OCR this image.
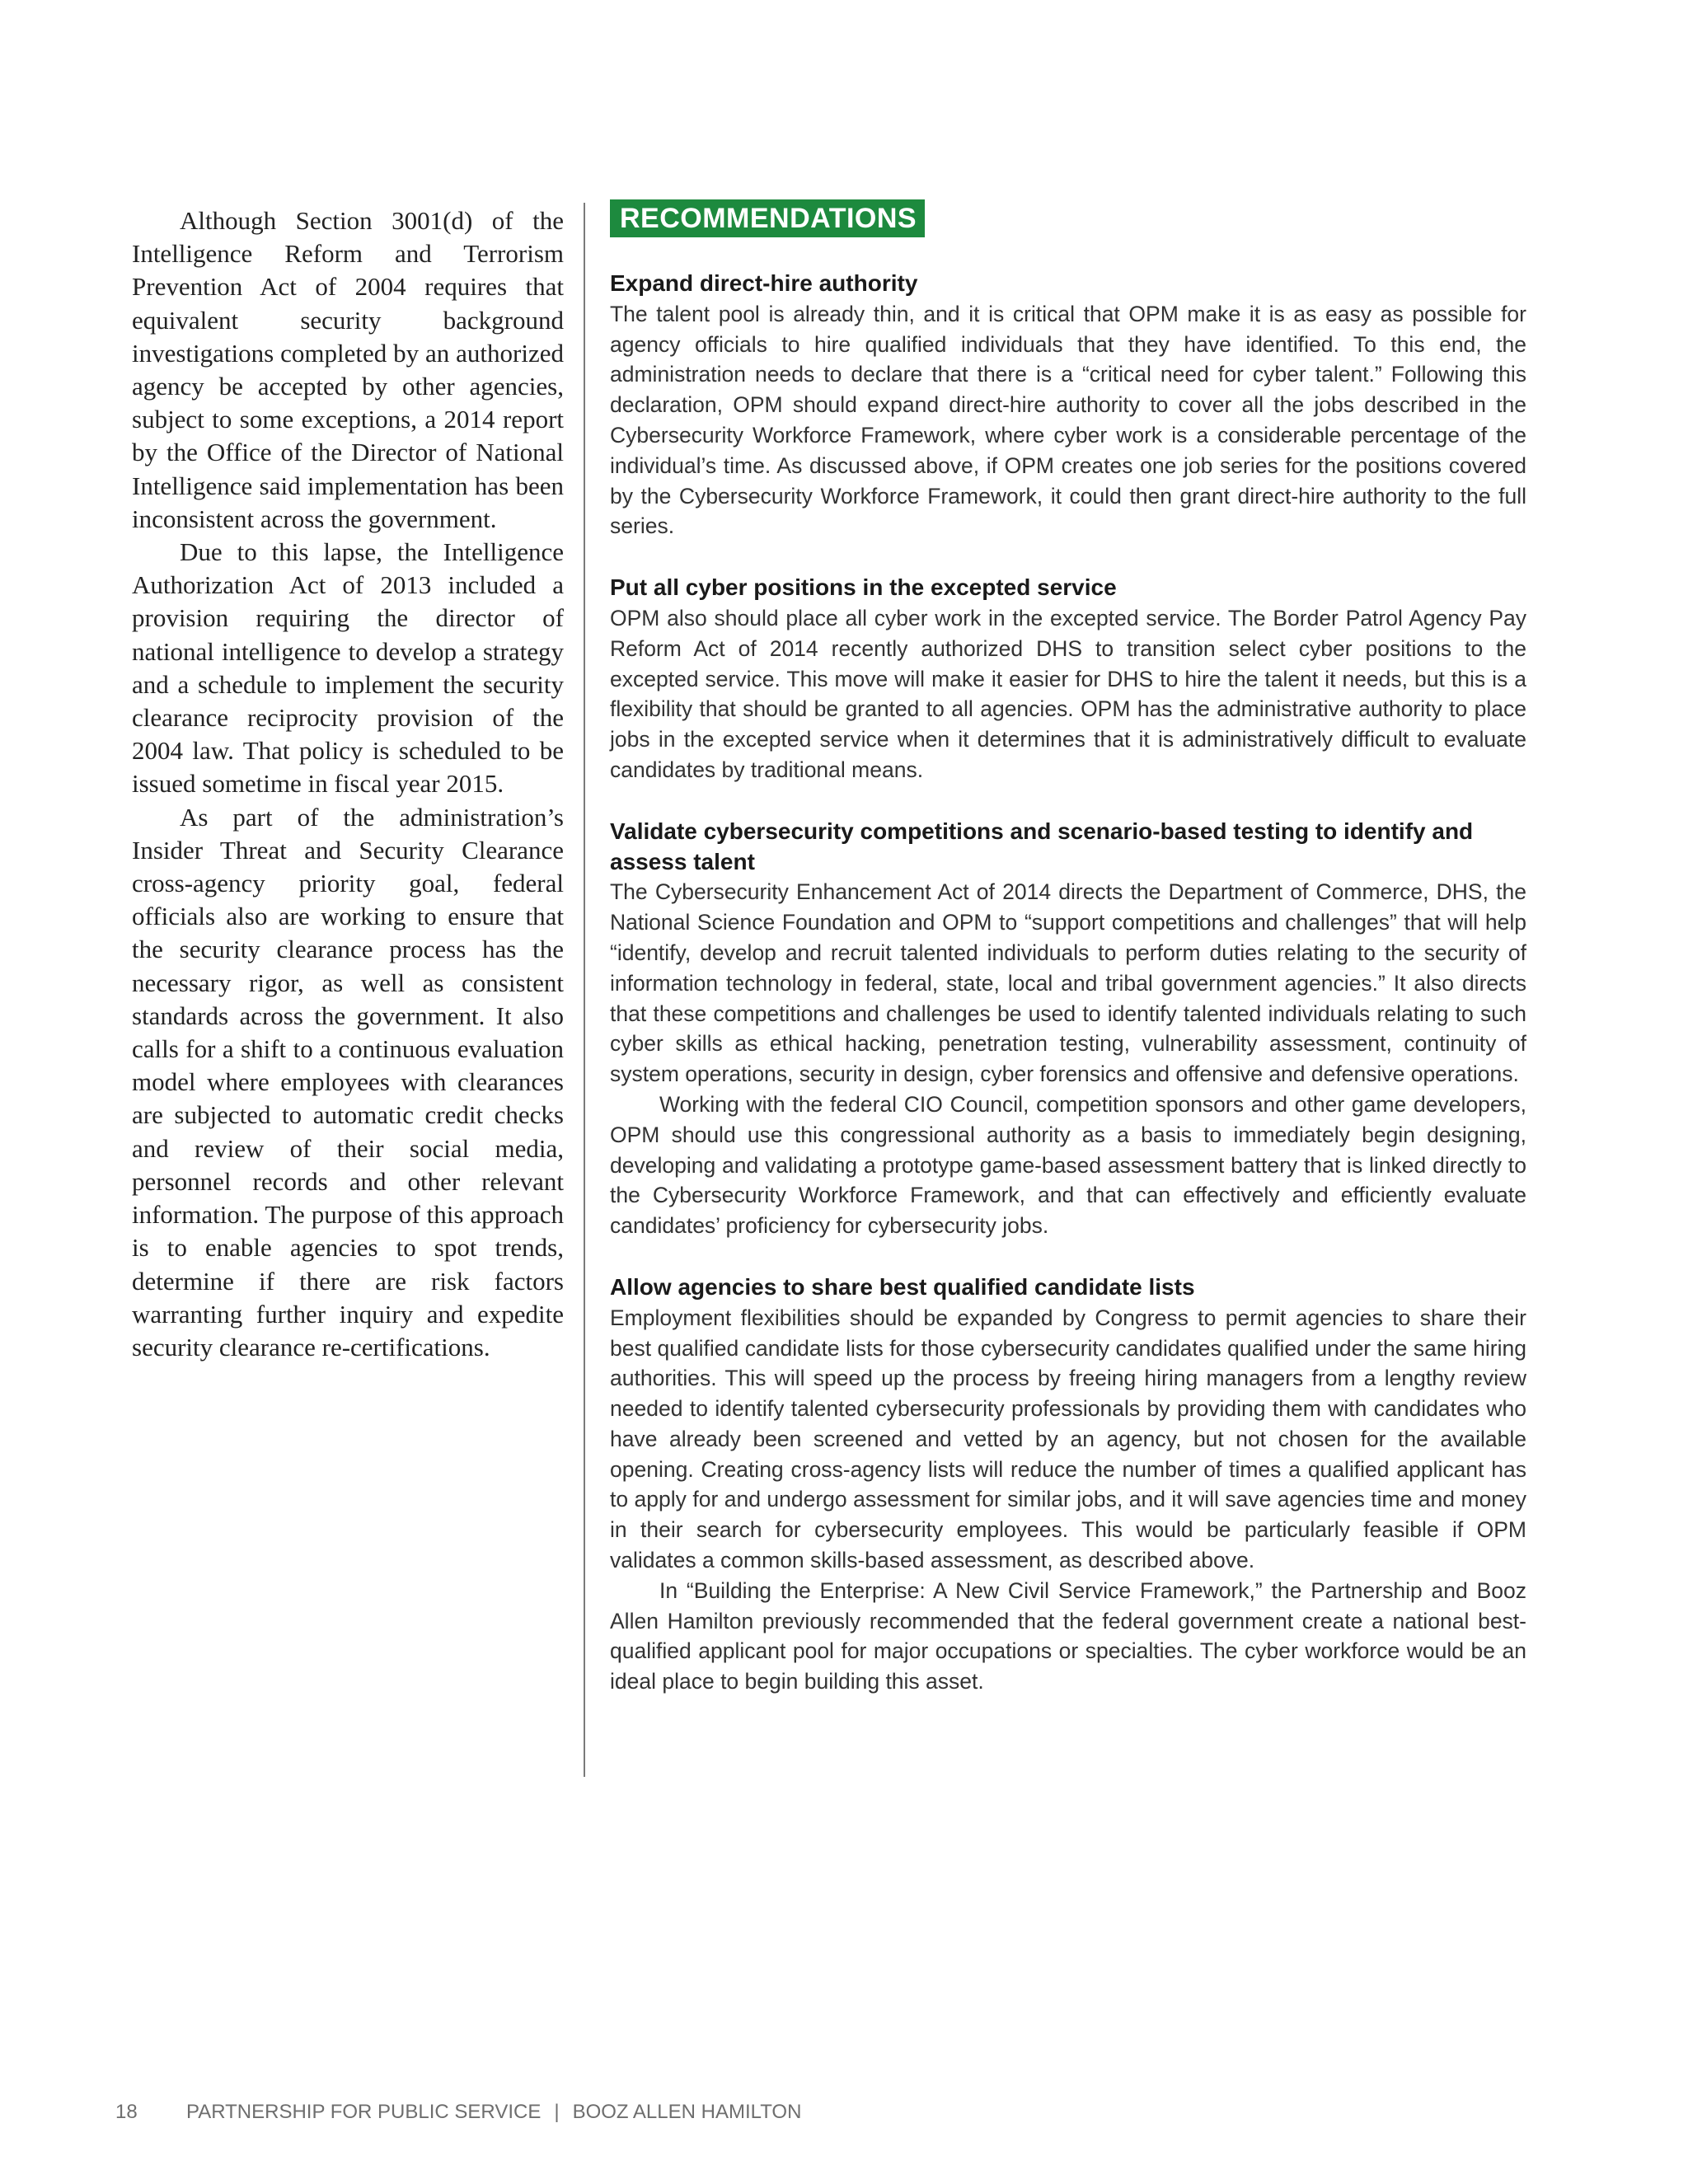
Although Section 3001(d) of the Intelligence Reform and Terrorism Prevention Act of 2004 requires that equivalent security background investigations completed by an authorized agency be accepted by other agencies, subject to some exceptions, a 2014 report by the Office of the Director of National Intelligence said implementation has been inconsistent across the government.

Due to this lapse, the Intelligence Authorization Act of 2013 included a provision requiring the director of national intelligence to develop a strategy and a schedule to implement the security clearance reciprocity provision of the 2004 law. That policy is scheduled to be issued sometime in fiscal year 2015.

As part of the administration’s Insider Threat and Security Clearance cross-agency priority goal, federal officials also are working to ensure that the security clearance process has the necessary rigor, as well as consistent standards across the government. It also calls for a shift to a continuous evaluation model where employees with clearances are subjected to automatic credit checks and review of their social media, personnel records and other relevant information. The purpose of this approach is to enable agencies to spot trends, determine if there are risk factors warranting further inquiry and expedite security clearance re-certifications.

RECOMMENDATIONS
Expand direct-hire authority

The talent pool is already thin, and it is critical that OPM make it is as easy as possible for agency officials to hire qualified individuals that they have identified. To this end, the administration needs to declare that there is a “critical need for cyber talent.” Following this declaration, OPM should expand direct-hire authority to cover all the jobs described in the Cybersecurity Workforce Framework, where cyber work is a considerable percentage of the individual’s time. As discussed above, if OPM creates one job series for the positions covered by the Cybersecurity Workforce Framework, it could then grant direct-hire authority to the full series.

Put all cyber positions in the excepted service

OPM also should place all cyber work in the excepted service. The Border Patrol Agency Pay Reform Act of 2014 recently authorized DHS to transition select cyber positions to the excepted service. This move will make it easier for DHS to hire the talent it needs, but this is a flexibility that should be granted to all agencies. OPM has the administrative authority to place jobs in the excepted service when it determines that it is administratively difficult to evaluate candidates by traditional means.

Validate cybersecurity competitions and scenario-based testing to identify and assess talent

The Cybersecurity Enhancement Act of 2014 directs the Department of Commerce, DHS, the National Science Foundation and OPM to “support competitions and challenges” that will help “identify, develop and recruit talented individuals to perform duties relating to the security of information technology in federal, state, local and tribal government agencies.” It also directs that these competitions and challenges be used to identify talented individuals relating to such cyber skills as ethical hacking, penetration testing, vulnerability assessment, continuity of system operations, security in design, cyber forensics and offensive and defensive operations.

Working with the federal CIO Council, competition sponsors and other game developers, OPM should use this congressional authority as a basis to immediately begin designing, developing and validating a prototype game-based assessment battery that is linked directly to the Cybersecurity Workforce Framework, and that can effectively and efficiently evaluate candidates’ proficiency for cybersecurity jobs.

Allow agencies to share best qualified candidate lists

Employment flexibilities should be expanded by Congress to permit agencies to share their best qualified candidate lists for those cybersecurity candidates qualified under the same hiring authorities. This will speed up the process by freeing hiring managers from a lengthy review needed to identify talented cybersecurity professionals by providing them with candidates who have already been screened and vetted by an agency, but not chosen for the available opening. Creating cross-agency lists will reduce the number of times a qualified applicant has to apply for and undergo assessment for similar jobs, and it will save agencies time and money in their search for cybersecurity employees. This would be particularly feasible if OPM validates a common skills-based assessment, as described above.

In “Building the Enterprise: A New Civil Service Framework,” the Partnership and Booz Allen Hamilton previously recommended that the federal government create a national best-qualified applicant pool for major occupations or specialties. The cyber workforce would be an ideal place to begin building this asset.

18 PARTNERSHIP FOR PUBLIC SERVICE | BOOZ ALLEN HAMILTON
